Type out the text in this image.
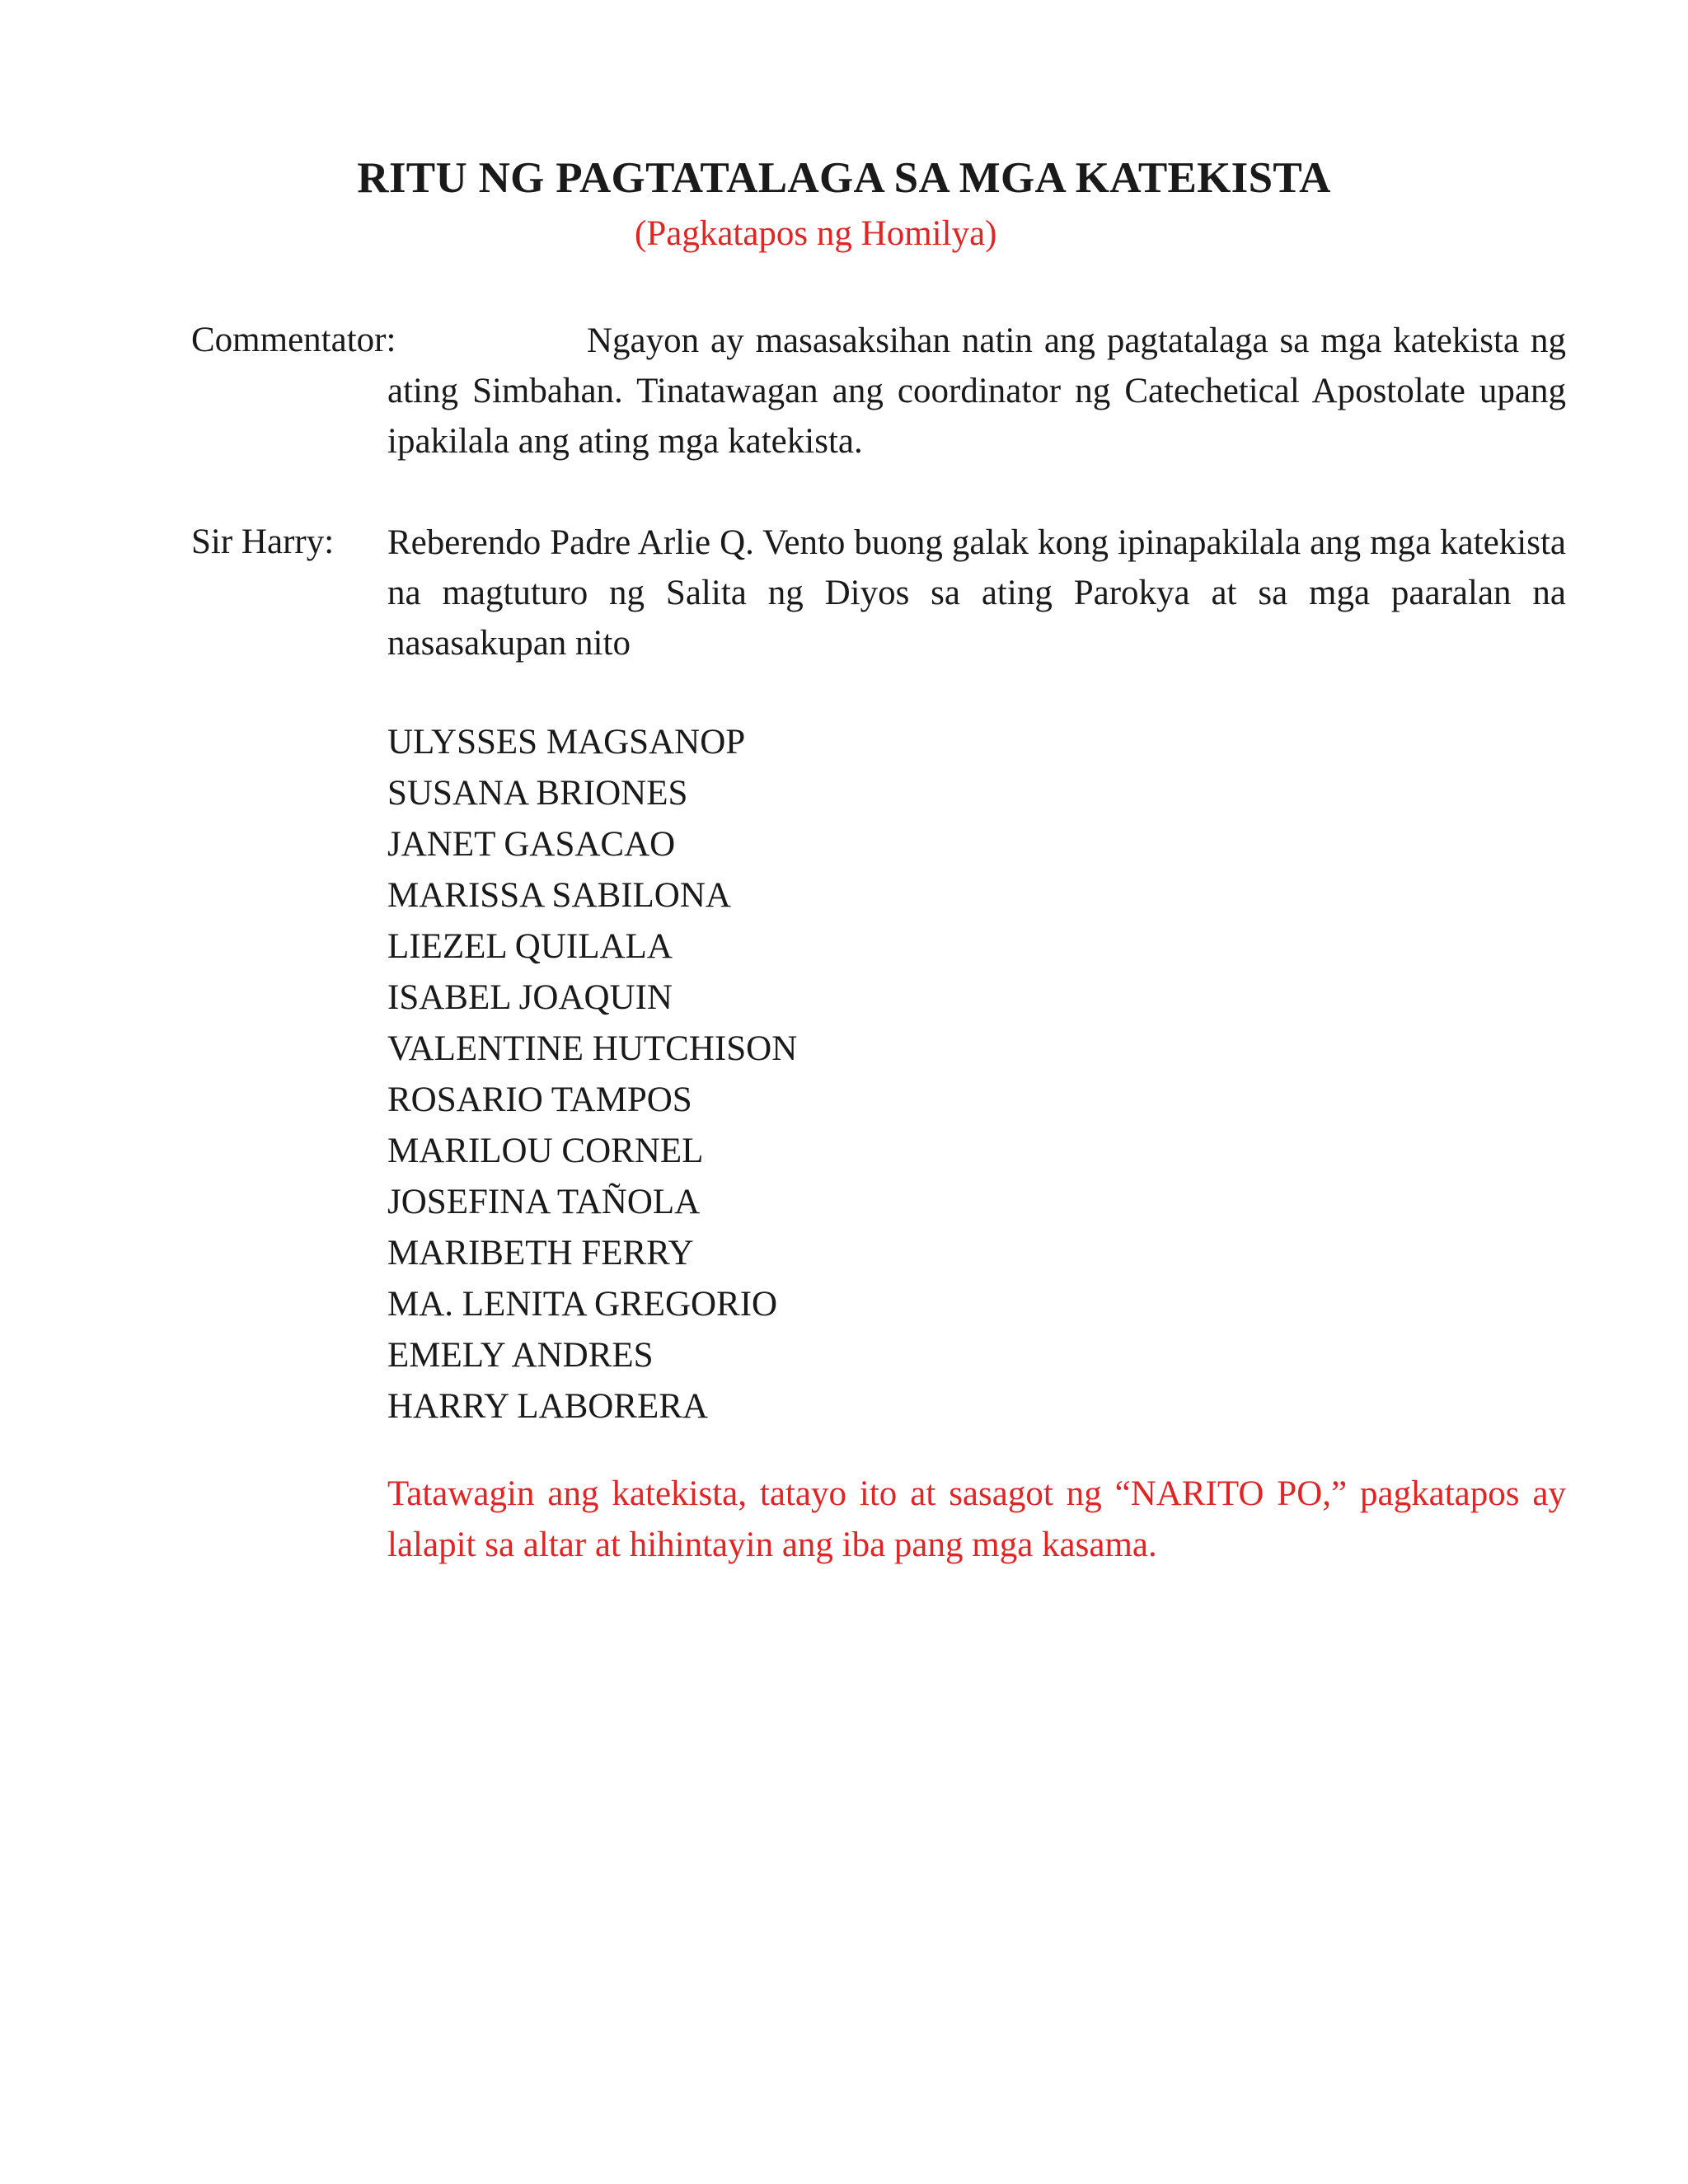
RITU NG PAGTATALAGA SA MGA KATEKISTA
(Pagkatapos ng Homilya)
Commentator:	Ngayon ay masasaksihan natin ang pagtatalaga sa mga katekista ng ating Simbahan. Tinatawagan ang coordinator ng Catechetical Apostolate upang ipakilala ang ating mga katekista.
Sir Harry: Reberendo Padre Arlie Q. Vento buong galak kong ipinapakilala ang mga katekista na magtuturo ng Salita ng Diyos sa ating Parokya at sa mga paaralan na nasasakupan nito
ULYSSES MAGSANOP
SUSANA BRIONES
JANET GASACAO
MARISSA SABILONA
LIEZEL QUILALA
ISABEL JOAQUIN
VALENTINE HUTCHISON
ROSARIO TAMPOS
MARILOU CORNEL
JOSEFINA TAÑOLA
MARIBETH FERRY
MA. LENITA GREGORIO
EMELY ANDRES
HARRY LABORERA
Tatawagin ang katekista, tatayo ito at sasagot ng “NARITO PO,” pagkatapos ay lalapit sa altar at hihintayin ang iba pang mga kasama.
